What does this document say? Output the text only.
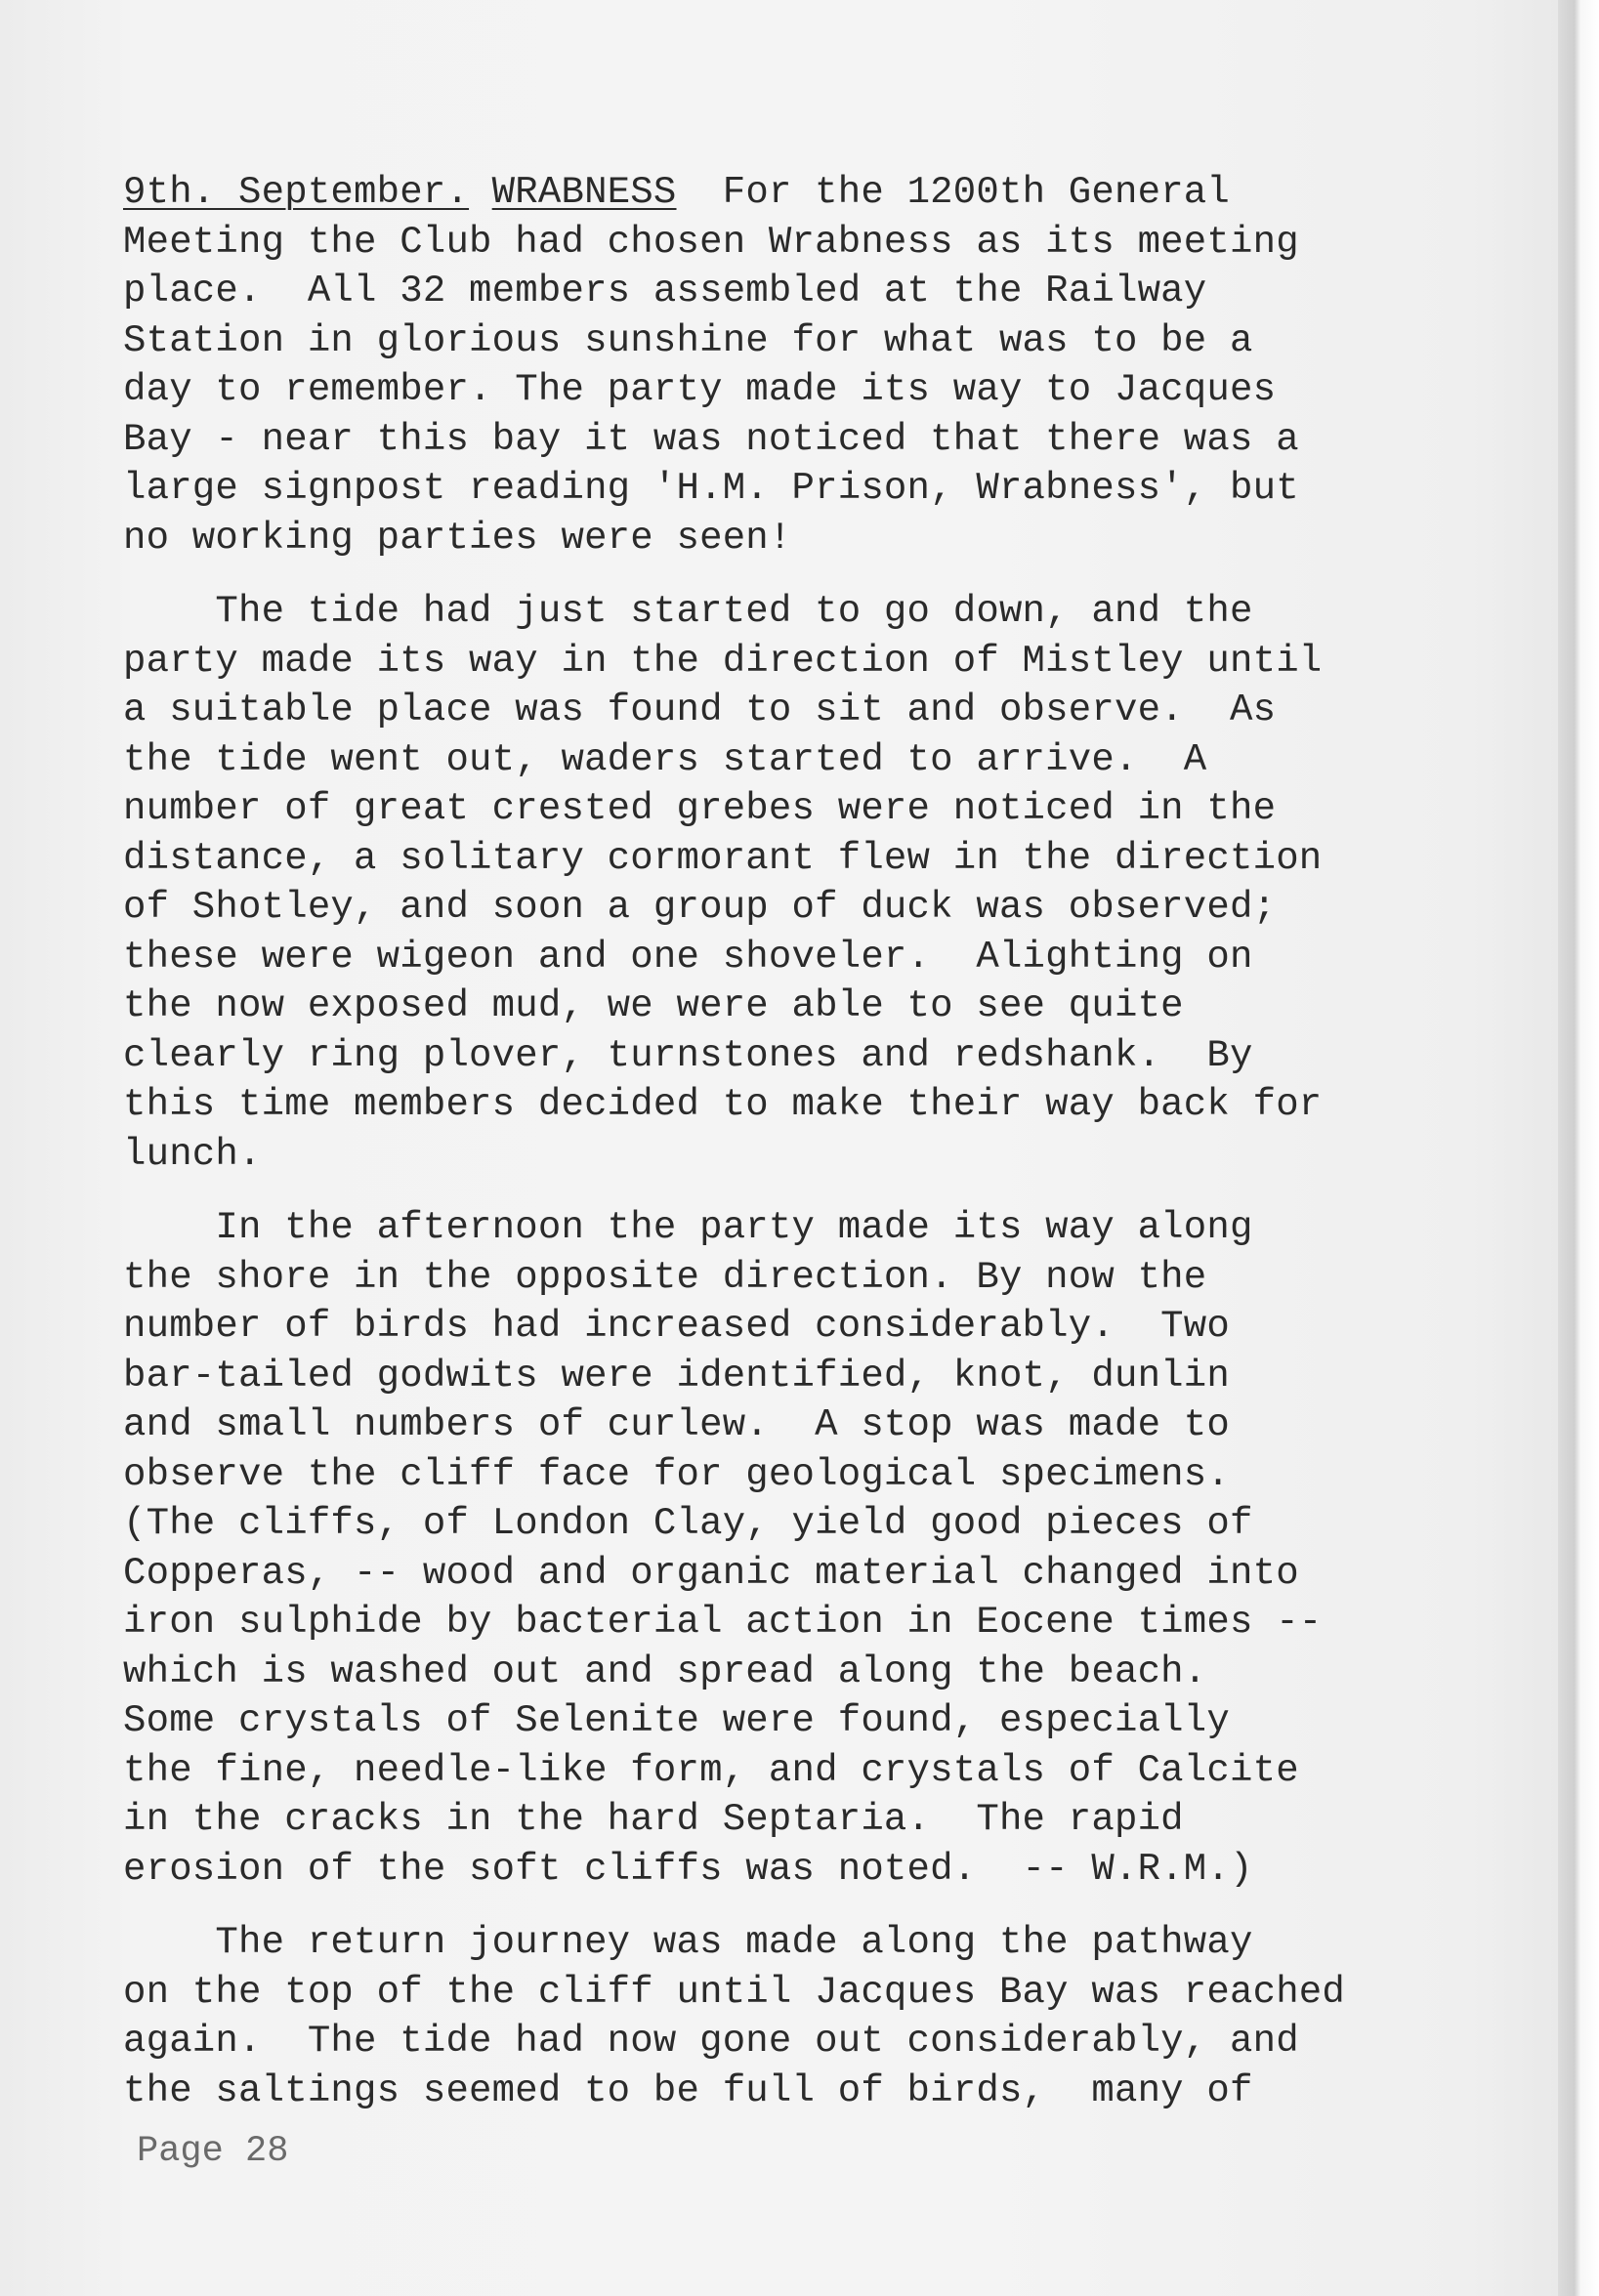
9th. September. WRABNESS For the 1200th General
Meeting the Club had chosen Wrabness as its meeting
place.  All 32 members assembled at the Railway
Station in glorious sunshine for what was to be a
day to remember. The party made its way to Jacques
Bay - near this bay it was noticed that there was a
large signpost reading 'H.M. Prison, Wrabness', but
no working parties were seen!
The tide had just started to go down, and the
party made its way in the direction of Mistley until
a suitable place was found to sit and observe.  As
the tide went out, waders started to arrive.  A
number of great crested grebes were noticed in the
distance, a solitary cormorant flew in the direction
of Shotley, and soon a group of duck was observed;
these were wigeon and one shoveler.  Alighting on
the now exposed mud, we were able to see quite
clearly ring plover, turnstones and redshank.  By
this time members decided to make their way back for
lunch.
In the afternoon the party made its way along
the shore in the opposite direction. By now the
number of birds had increased considerably.  Two
bar-tailed godwits were identified, knot, dunlin
and small numbers of curlew.  A stop was made to
observe the cliff face for geological specimens.
(The cliffs, of London Clay, yield good pieces of
Copperas, -- wood and organic material changed into
iron sulphide by bacterial action in Eocene times --
which is washed out and spread along the beach.
Some crystals of Selenite were found, especially
the fine, needle-like form, and crystals of Calcite
in the cracks in the hard Septaria.  The rapid
erosion of the soft cliffs was noted.  -- W.R.M.)
The return journey was made along the pathway
on the top of the cliff until Jacques Bay was reached
again.  The tide had now gone out considerably, and
the saltings seemed to be full of birds,  many of
Page 28
